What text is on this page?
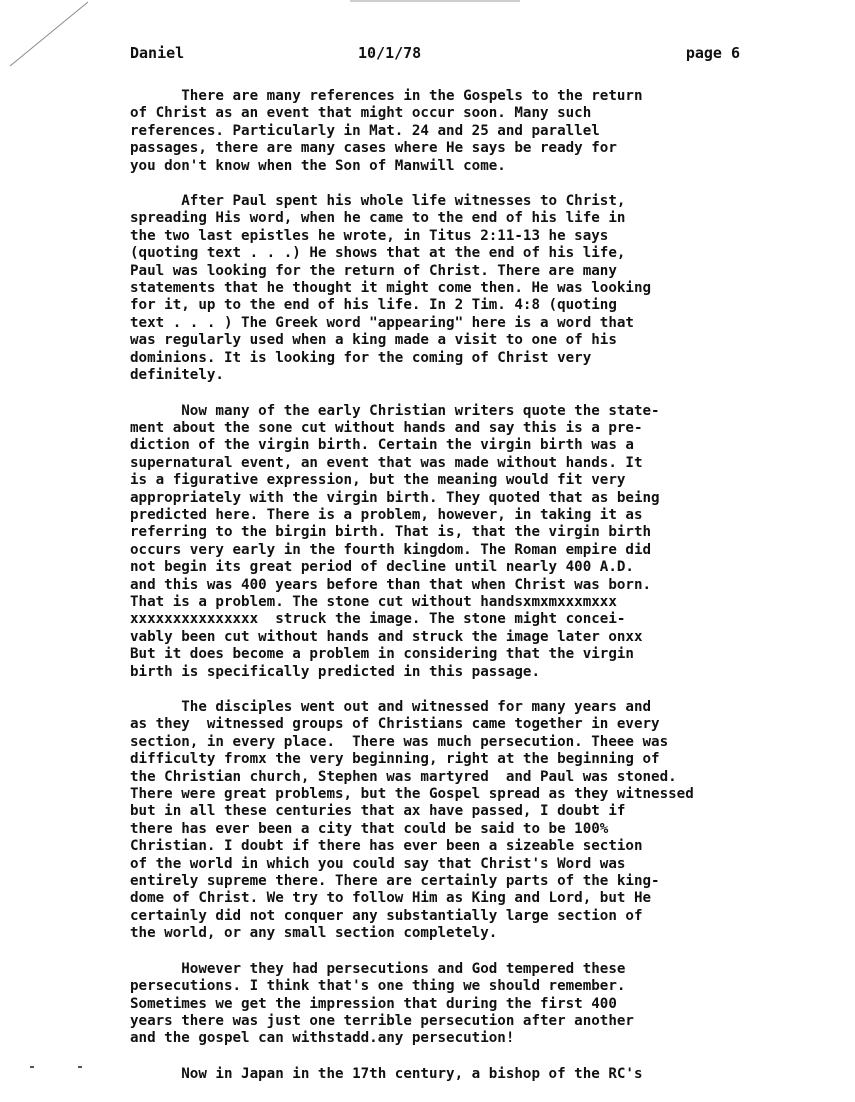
Daniel	10/1/78	page 6

There are many references in the Gospels to the return
of Christ as an event that might occur soon. Many such
references. Particularly in Mat. 24 and 25 and parallel
passages, there are many cases where He says be ready for
you don't know when the Son of Manwill come.

After Paul spent his whole life witnesses to Christ,
spreading His word, when he came to the end of his life in
the two last epistles he wrote, in Titus 2:11-13 he says
(quoting text . . .) He shows that at the end of his life,
Paul was looking for the return of Christ. There are many
statements that he thought it might come then. He was looking
for it, up to the end of his life. In 2 Tim. 4:8 (quoting
text . . . ) The Greek word "appearing" here is a word that
was regularly used when a king made a visit to one of his
dominions. It is looking for the coming of Christ very
definitely.

Now many of the early Christian writers quote the state-
ment about the sone cut without hands and say this is a pre-
diction of the virgin birth. Certain the virgin birth was a
supernatural event, an event that was made without hands. It
is a figurative expression, but the meaning would fit very
appropriately with the virgin birth. They quoted that as being
predicted here. There is a problem, however, in taking it as
referring to the birgin birth. That is, that the virgin birth
occurs very early in the fourth kingdom. The Roman empire did
not begin its great period of decline until nearly 400 A.D.
and this was 400 years before than that when Christ was born.
That is a problem. The stone cut without handsxmxmxxxmxxx
xxxxxxxxxxxxxxx  struck the image. The stone might concei-
vably been cut without hands and struck the image later onxx
But it does become a problem in considering that the virgin
birth is specifically predicted in this passage.

The disciples went out and witnessed for many years and
as they  witnessed groups of Christians came together in every
section, in every place.  There was much persecution. Theee was
difficulty fromx the very beginning, right at the beginning of
the Christian church, Stephen was martyred  and Paul was stoned.
There were great problems, but the Gospel spread as they witnessed
but in all these centuries that ax have passed, I doubt if
there has ever been a city that could be said to be 100%
Christian. I doubt if there has ever been a sizeable section
of the world in which you could say that Christ's Word was
entirely supreme there. There are certainly parts of the king-
dome of Christ. We try to follow Him as King and Lord, but He
certainly did not conquer any substantially large section of
the world, or any small section completely.

However they had persecutions and God tempered these
persecutions. I think that's one thing we should remember.
Sometimes we get the impression that during the first 400
years there was just one terrible persecution after another
and the gospel can withstadd.any persecution!

Now in Japan in the 17th century, a bishop of the RC's
